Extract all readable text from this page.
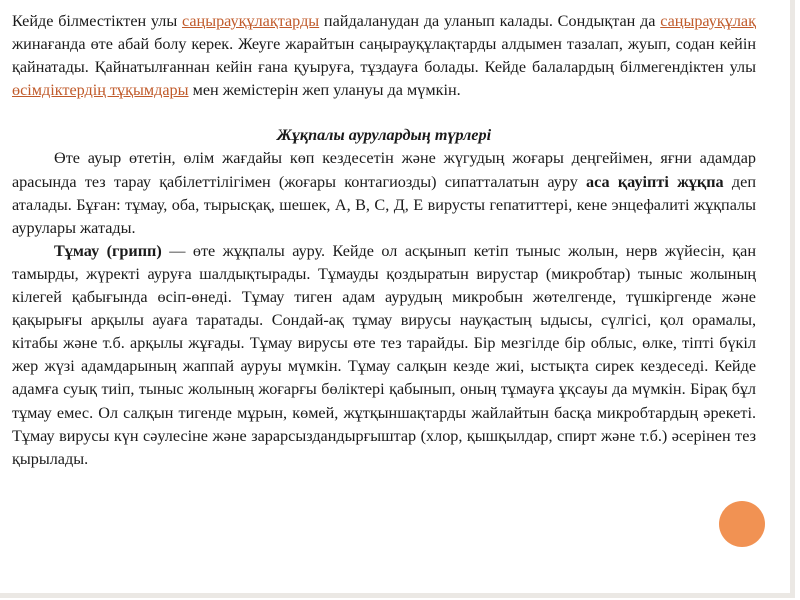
Кейде білместіктен улы саңырауқұлақтарды пайдаланудан да уланып калады. Сондықтан да саңырауқұлақ жинағанда өте абай болу керек. Жеуге жарайтын саңырауқұлақтарды алдымен тазалап, жуып, содан кейін қайнатады. Қайнатылғаннан кейін ғана қуыруға, тұздауға болады. Кейде балалардың білмегендіктен улы өсімдіктердің тұқымдары мен жемістерін жеп улануы да мүмкін.

Жұқпалы аурулардың түрлері

Өте ауыр өтетін, өлім жағдайы көп кездесетін және жүгудың жоғары деңгейімен, яғни адамдар арасында тез тарау қабілеттілігімен (жоғары контагиозды) сипатталатын ауру аса қауіпті жұқпа деп аталады. Бұған: тұмау, оба, тырысқақ, шешек, А, В, С, Д, Е вирусты гепатиттері, кене энцефалиті жұқпалы аурулары жатады.

Тұмау (грипп) — өте жұқпалы ауру. Кейде ол асқынып кетіп тыныс жолын, нерв жүйесін, қан тамырды, жүректі ауруға шалдықтырады. Тұмауды қоздыратын вирустар (микробтар) тыныс жолының кілегей қабығында өсіп-өнеді. Тұмау тиген адам аурудың микробын жөтелгенде, түшкіргенде және қақырығы арқылы ауаға таратады. Сондай-ақ тұмау вирусы науқастың ыдысы, сүлгісі, қол орамалы, кітабы және т.б. арқылы жұғады. Тұмау вирусы өте тез тарайды. Бір мезгілде бір облыс, өлке, тіпті бүкіл жер жүзі адамдарының жаппай ауруы мүмкін. Тұмау салқын кезде жиі, ыстықта сирек кездеседі. Кейде адамға суық тиіп, тыныс жолының жоғарғы бөліктері қабынып, оның тұмауға ұқсауы да мүмкін. Бірақ бұл тұмау емес. Ол салқын тигенде мұрын, көмей, жұтқыншақтарды жайлайтын басқа микробтардың әрекеті. Тұмау вирусы күн сәулесіне және зарарсыздандырғыштар (хлор, қышқылдар, спирт және т.б.) әсерінен тез қырылады.
